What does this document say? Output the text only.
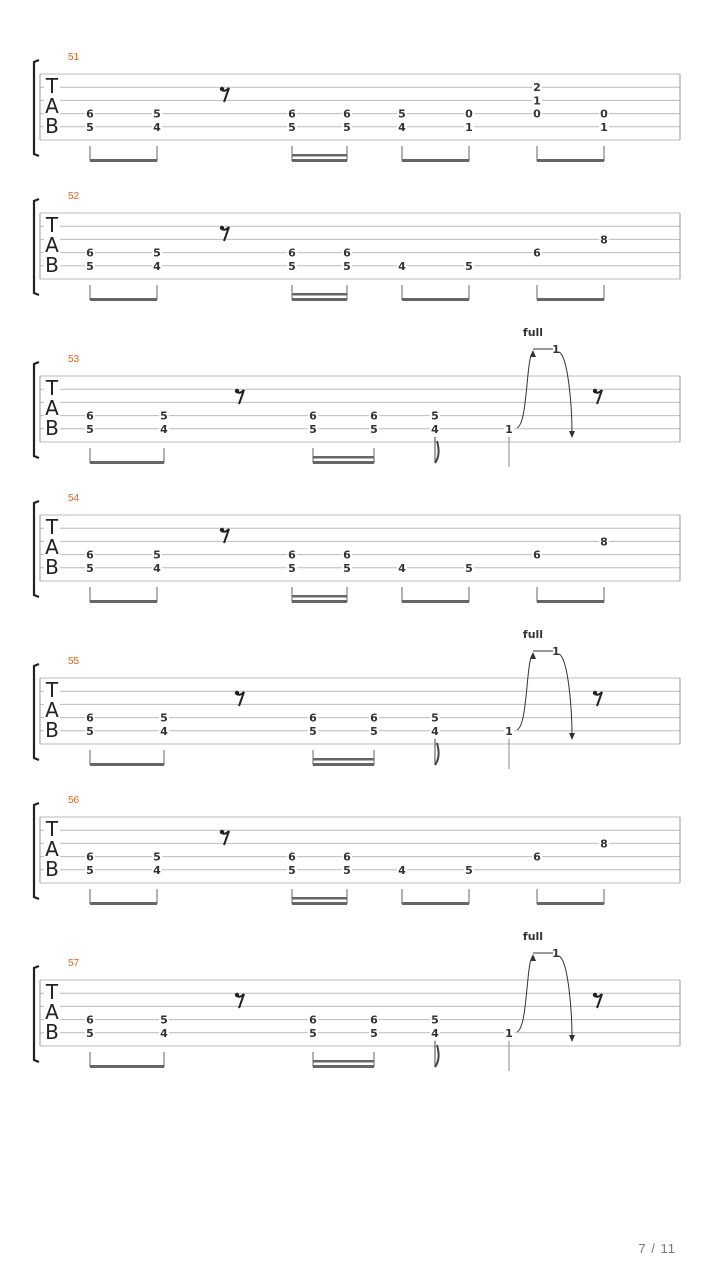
51
T
A
B 6
5
5
4
6
5
6
5
5
4
0
1
2
1
0	0
1
52
T
A
B 6
5
5
4
6
5
6
5	4	5
6
8
53
T
A
B 6
5
5
4
6
5
6
5
5
4	1
full
1
54
T
A
B 6
5
5
4
6
5
6
5	4	5
6
8
55
T
A
B 6
5
5
4
6
5
6
5
5
4	1
full
1
56
T
A
B 6
5
5
4
6
5
6
5	4	5
6
8
57
T
A
B 6
5
5
4
6
5
6
5
5
4	1
full
1
7 / 11
